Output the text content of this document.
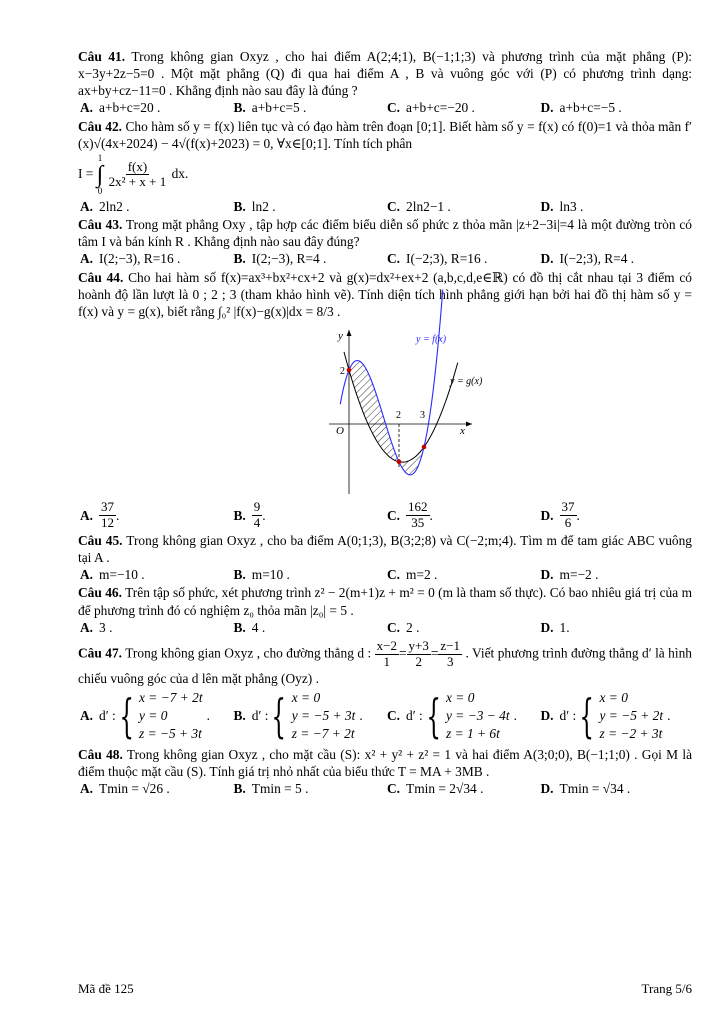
Câu 41. Trong không gian Oxyz , cho hai điểm A(2;4;1), B(−1;1;3) và phương trình của mặt phẳng (P): x−3y+2z−5=0 . Một mặt phẳng (Q) đi qua hai điểm A , B và vuông góc với (P) có phương trình dạng: ax+by+cz−11=0 . Khẳng định nào sau đây là đúng ?

A. a+b+c=20 .	B. a+b+c=5 .	C. a+b+c=−20 .	D. a+b+c=−5 .

Câu 42. Cho hàm số y = f(x) liên tục và có đạo hàm trên đoạn [0;1]. Biết hàm số y = f(x) có f(0)=1 và thỏa mãn f′(x)√(4x+2024) − 4√(f(x)+2023) = 0, ∀x∈[0;1]. Tính tích phân

I =
1
∫
0

$\frac{f(x)}{\text{2x² + x + 1}}$ dx.
A. 2ln2 .	B. ln2 .	C. 2ln2−1 .	D. ln3 .

Câu 43. Trong mặt phẳng Oxy , tập hợp các điểm biểu diễn số phức z thỏa mãn |z+2−3i|=4 là một đường tròn có tâm I và bán kính R . Khẳng định nào sau đây đúng?

A. I(2;−3), R=16 .	B. I(2;−3), R=4 .	C. I(−2;3), R=16 .	D. I(−2;3), R=4 .

Câu 44. Cho hai hàm số f(x)=ax³+bx²+cx+2 và g(x)=dx²+ex+2 (a,b,c,d,e∈ℝ) có đồ thị cắt nhau tại 3 điểm có hoành độ lần lượt là 0 ; 2 ; 3 (tham khảo hình vẽ). Tính diện tích hình phẳng giới hạn bởi hai đồ thị hàm số y = f(x) và y = g(x), biết rằng ∫₀² |f(x)−g(x)|dx = 8/3 .

y
x
O
y = f(x)
y = g(x)
2
2 3
A. $\frac{37}{12}$ .	B. $\frac{9}{4}$ .	C. $\frac{162}{35}$ .	D. $\frac{37}{6}$ .

Câu 45. Trong không gian Oxyz , cho ba điểm A(0;1;3), B(3;2;8) và C(−2;m;4). Tìm m để tam giác ABC vuông tại A .

A. m=−10 .	B. m=10 .	C. m=2 .	D. m=−2 .

Câu 46. Trên tập số phức, xét phương trình z² − 2(m+1)z + m² = 0 (m là tham số thực). Có bao nhiêu giá trị của m để phương trình đó có nghiệm z₀ thỏa mãn |z₀| = 5 .

A. 3 .	B. 4 .	C. 2 .	D. 1.

Câu 47. Trong không gian Oxyz , cho đường thẳng d : $\frac{x-2}{1} = \frac{y+3}{2} = \frac{z-1}{3}$ . Viết phương trình đường thẳng d′ là hình chiếu vuông góc của d lên mặt phẳng (Oyz) .

A. d′ : { x = −7 + 2t
y = 0
z = −5 + 3t
. B. d′ : { x = 0
y = −5 + 3t
z = −7 + 2t
. C. d′ : { x = 0
y = −3 − 4t
z = 1 + 6t
. D. d′ : { x = 0
y = −5 + 2t
z = −2 + 3t
.

Câu 48. Trong không gian Oxyz , cho mặt cầu (S): x² + y² + z² = 1 và hai điểm A(3;0;0), B(−1;1;0) . Gọi M là điểm thuộc mặt cầu (S). Tính giá trị nhỏ nhất của biểu thức T = MA + 3MB .

A. Tmin = √26 .	B. Tmin = 5 .	C. Tmin = 2√34 .	D. Tmin = √34 .
Mã đề 125	Trang 5/6
